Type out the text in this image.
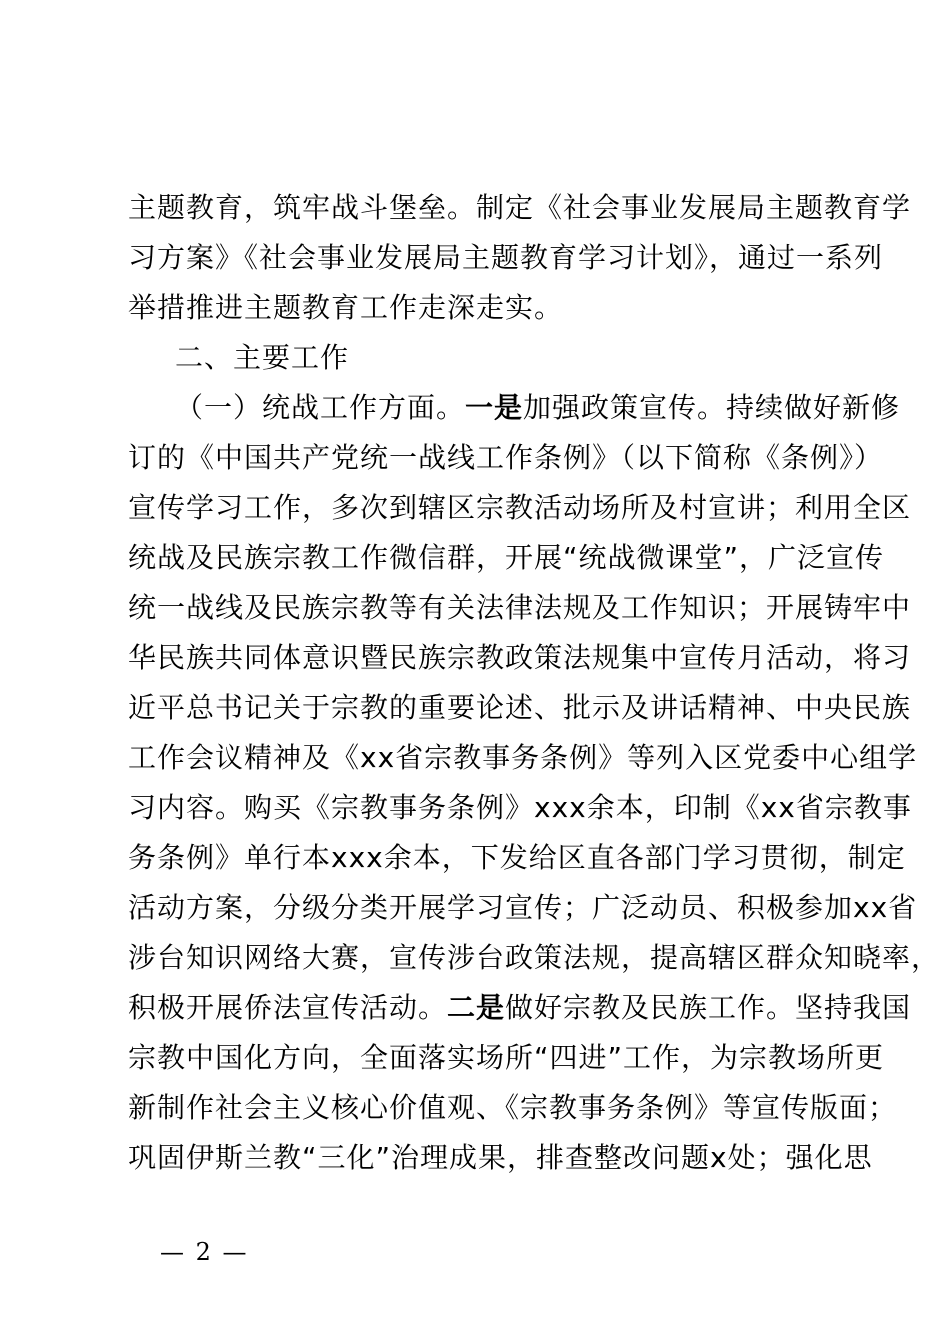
主题教育，筑牢战斗堡垒。制定《社会事业发展局主题教育学
习方案》《社会事业发展局主题教育学习计划》，通过一系列
举措推进主题教育工作走深走实。
二、主要工作
（一）统战工作方面。一是加强政策宣传。持续做好新修
订的《中国共产党统一战线工作条例》（以下简称《条例》）
宣传学习工作，多次到辖区宗教活动场所及村宣讲；利用全区
统战及民族宗教工作微信群，开展“统战微课堂”，广泛宣传
统一战线及民族宗教等有关法律法规及工作知识；开展铸牢中
华民族共同体意识暨民族宗教政策法规集中宣传月活动，将习
近平总书记关于宗教的重要论述、批示及讲话精神、中央民族
工作会议精神及《xx省宗教事务条例》等列入区党委中心组学
习内容。购买《宗教事务条例》xxx余本，印制《xx省宗教事
务条例》单行本xxx余本，下发给区直各部门学习贯彻，制定
活动方案，分级分类开展学习宣传；广泛动员、积极参加xx省
涉台知识网络大赛，宣传涉台政策法规，提高辖区群众知晓率，
积极开展侨法宣传活动。二是做好宗教及民族工作。坚持我国
宗教中国化方向，全面落实场所“四进”工作，为宗教场所更
新制作社会主义核心价值观、《宗教事务条例》等宣传版面；
巩固伊斯兰教“三化”治理成果，排查整改问题x处；强化思
— 2 —
